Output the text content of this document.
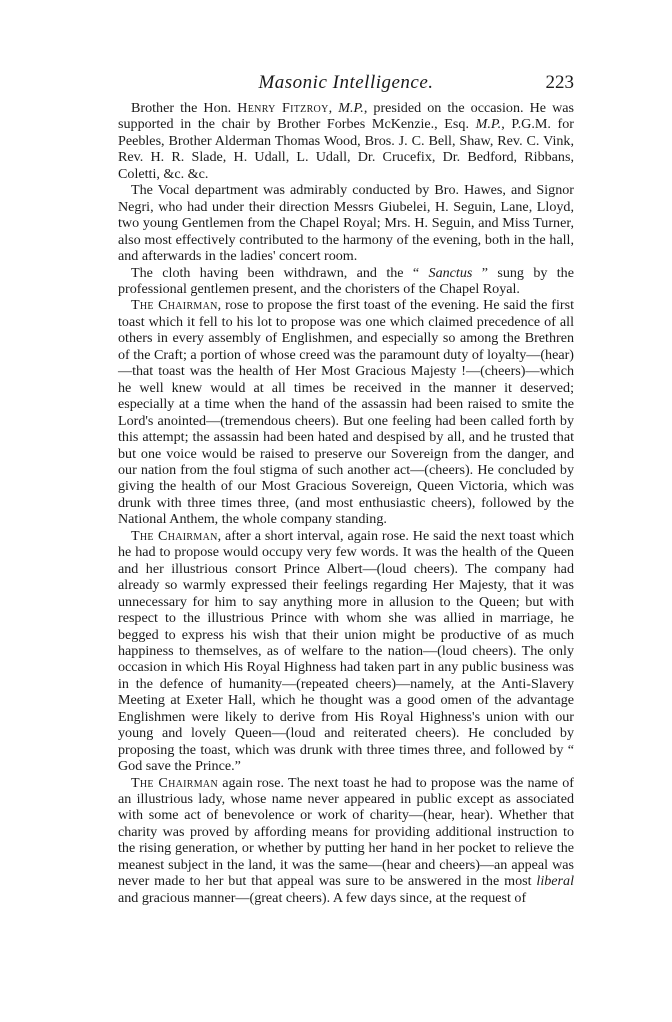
Masonic Intelligence.	223

Brother the Hon. Henry Fitzroy, M.P., presided on the occasion. He was supported in the chair by Brother Forbes McKenzie., Esq. M.P., P.G.M. for Peebles, Brother Alderman Thomas Wood, Bros. J. C. Bell, Shaw, Rev. C. Vink, Rev. H. R. Slade, H. Udall, L. Udall, Dr. Crucefix, Dr. Bedford, Ribbans, Coletti, &c. &c.

The Vocal department was admirably conducted by Bro. Hawes, and Signor Negri, who had under their direction Messrs Giubelei, H. Seguin, Lane, Lloyd, two young Gentlemen from the Chapel Royal; Mrs. H. Seguin, and Miss Turner, also most effectively contributed to the harmony of the evening, both in the hall, and afterwards in the ladies' concert room.

The cloth having been withdrawn, and the “ Sanctus ” sung by the professional gentlemen present, and the choristers of the Chapel Royal.

The Chairman, rose to propose the first toast of the evening. He said the first toast which it fell to his lot to propose was one which claimed precedence of all others in every assembly of Englishmen, and especially so among the Brethren of the Craft; a portion of whose creed was the paramount duty of loyalty—(hear)—that toast was the health of Her Most Gracious Majesty !—(cheers)—which he well knew would at all times be received in the manner it deserved; especially at a time when the hand of the assassin had been raised to smite the Lord's anointed—(tremendous cheers). But one feeling had been called forth by this attempt; the assassin had been hated and despised by all, and he trusted that but one voice would be raised to preserve our Sovereign from the danger, and our nation from the foul stigma of such another act—(cheers). He concluded by giving the health of our Most Gracious Sovereign, Queen Victoria, which was drunk with three times three, (and most enthusiastic cheers), followed by the National Anthem, the whole company standing.

The Chairman, after a short interval, again rose. He said the next toast which he had to propose would occupy very few words. It was the health of the Queen and her illustrious consort Prince Albert—(loud cheers). The company had already so warmly expressed their feelings regarding Her Majesty, that it was unnecessary for him to say anything more in allusion to the Queen; but with respect to the illustrious Prince with whom she was allied in marriage, he begged to express his wish that their union might be productive of as much happiness to themselves, as of welfare to the nation—(loud cheers). The only occasion in which His Royal Highness had taken part in any public business was in the defence of humanity—(repeated cheers)—namely, at the Anti-Slavery Meeting at Exeter Hall, which he thought was a good omen of the advantage Englishmen were likely to derive from His Royal Highness's union with our young and lovely Queen—(loud and reiterated cheers). He concluded by proposing the toast, which was drunk with three times three, and followed by “ God save the Prince.”

The Chairman again rose. The next toast he had to propose was the name of an illustrious lady, whose name never appeared in public except as associated with some act of benevolence or work of charity—(hear, hear). Whether that charity was proved by affording means for providing additional instruction to the rising generation, or whether by putting her hand in her pocket to relieve the meanest subject in the land, it was the same—(hear and cheers)—an appeal was never made to her but that appeal was sure to be answered in the most liberal and gracious manner—(great cheers). A few days since, at the request of
